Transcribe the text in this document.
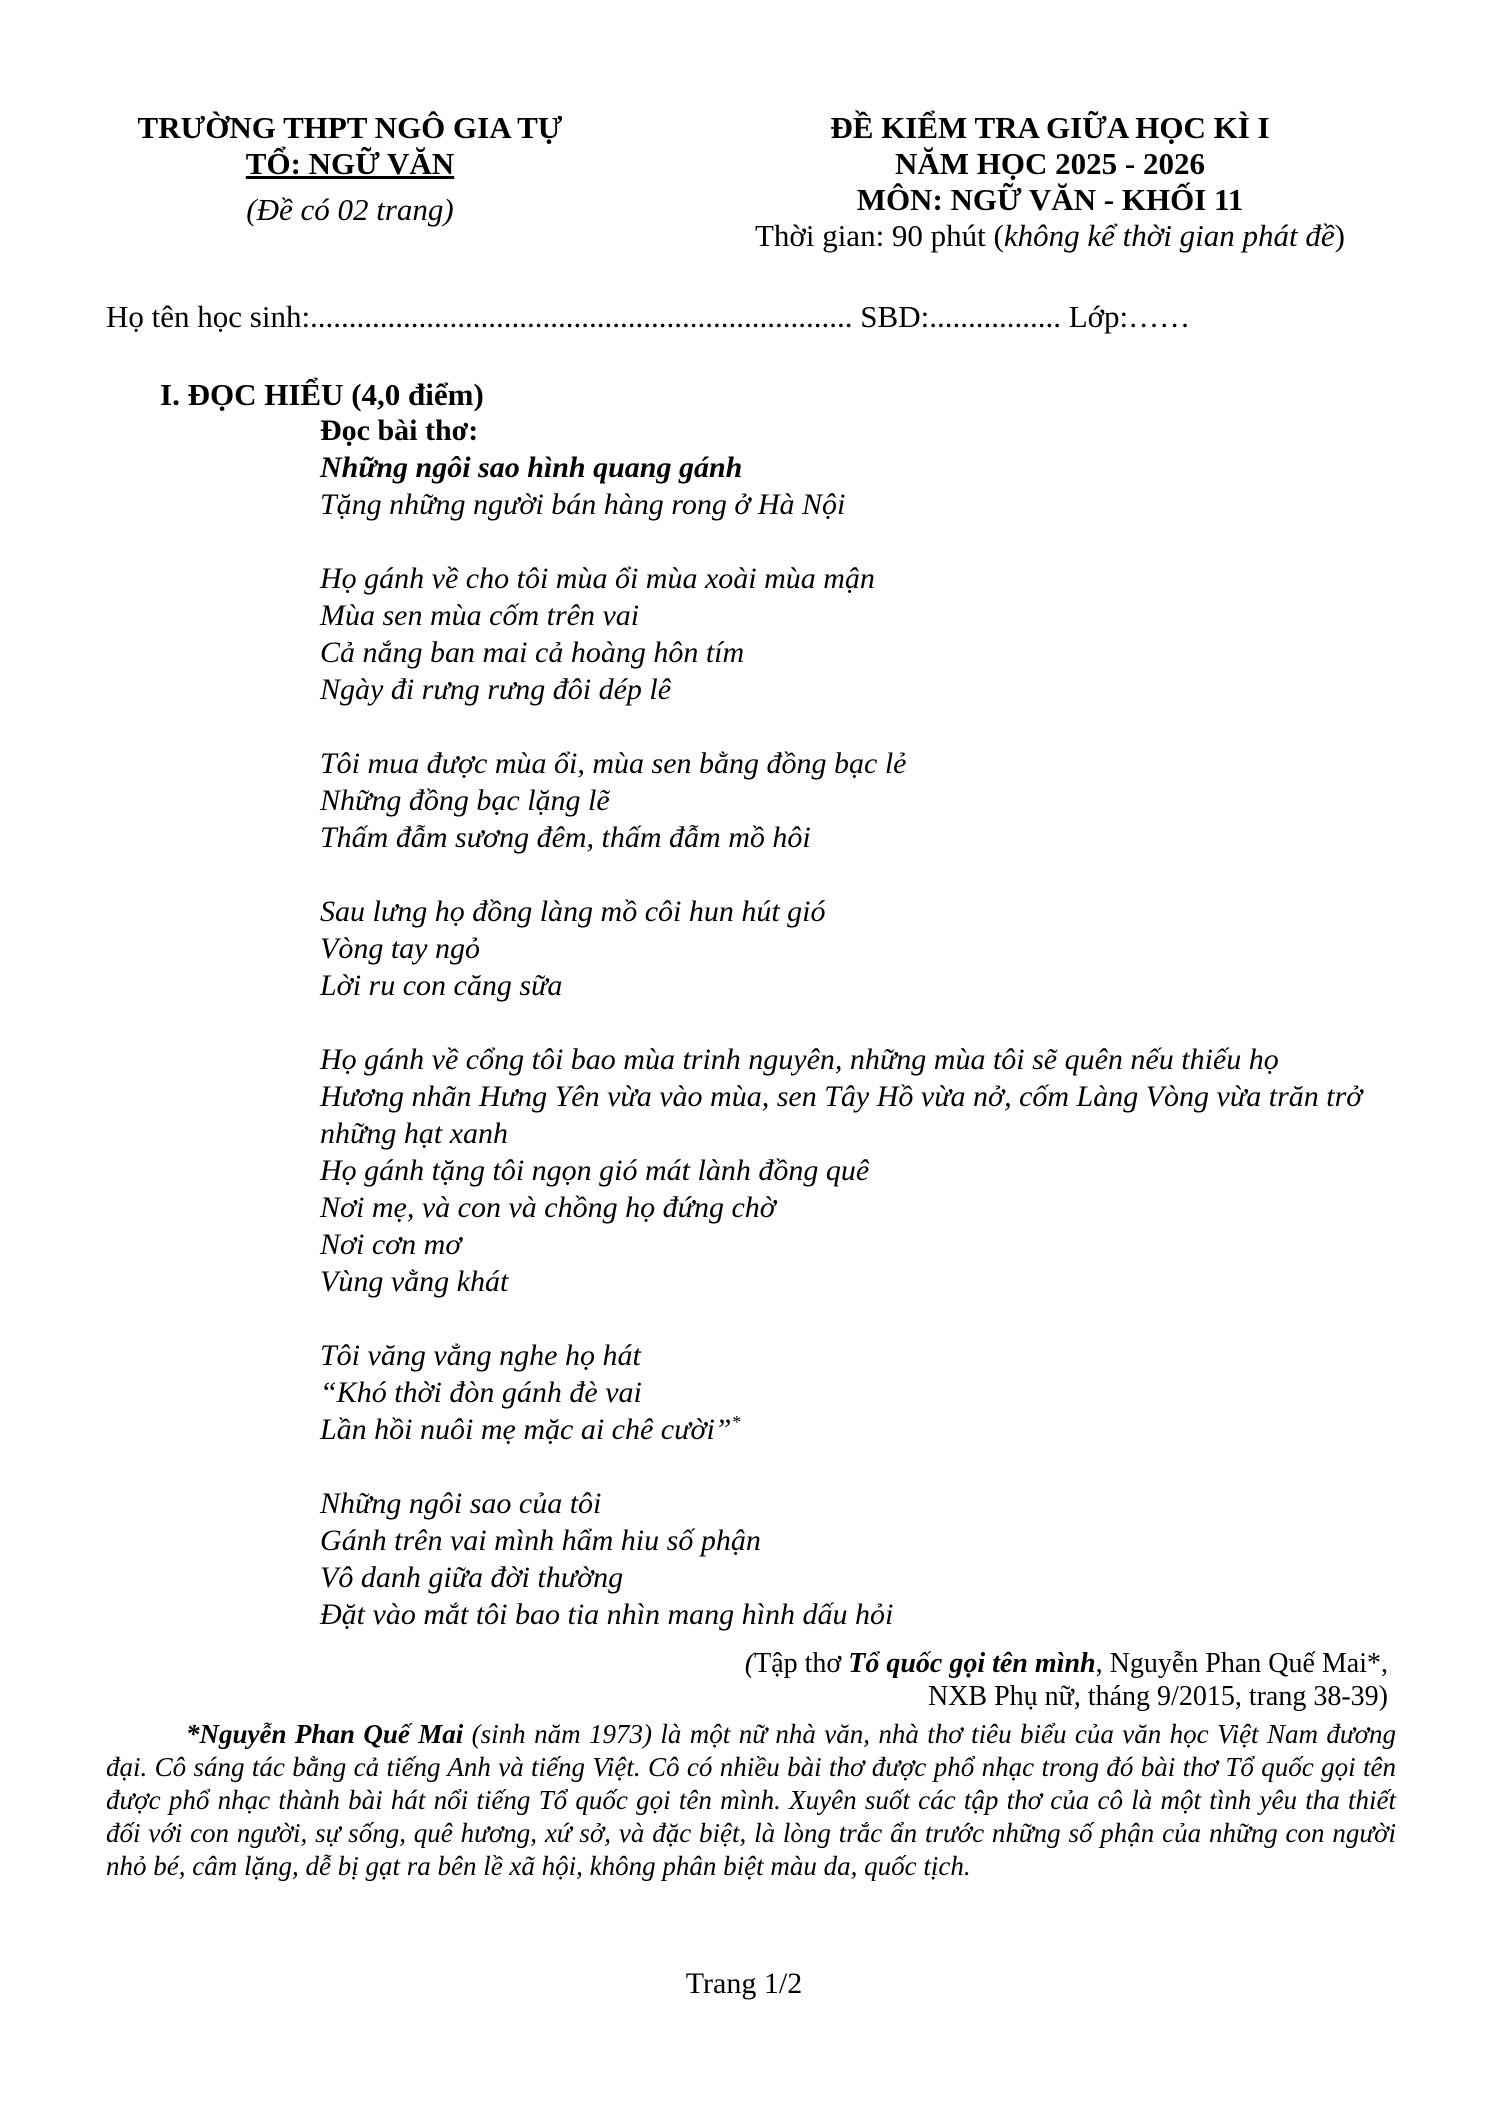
TRƯỜNG THPT NGÔ GIA TỰ
TỔ: NGỮ VĂN
(Đề có 02 trang)
ĐỀ KIỂM TRA GIỮA HỌC KÌ I
NĂM HỌC 2025 - 2026
MÔN: NGỮ VĂN - KHỐI 11
Thời gian: 90 phút (không kể thời gian phát đề)
Họ tên học sinh:...................................................................... SBD:................. Lớp:……
I. ĐỌC HIỂU (4,0 điểm)
Đọc bài thơ:
Những ngôi sao hình quang gánh
Tặng những người bán hàng rong ở Hà Nội
Họ gánh về cho tôi mùa ổi mùa xoài mùa mận
Mùa sen mùa cốm trên vai
Cả nắng ban mai cả hoàng hôn tím
Ngày đi rưng rưng đôi dép lê
Tôi mua được mùa ổi, mùa sen bằng đồng bạc lẻ
Những đồng bạc lặng lẽ
Thấm đẫm sương đêm, thấm đẫm mồ hôi
Sau lưng họ đồng làng mồ côi hun hút gió
Vòng tay ngỏ
Lời ru con căng sữa
Họ gánh về cổng tôi bao mùa trinh nguyên, những mùa tôi sẽ quên nếu thiếu họ
Hương nhãn Hưng Yên vừa vào mùa, sen Tây Hồ vừa nở, cốm Làng Vòng vừa trăn trở những hạt xanh
Họ gánh tặng tôi ngọn gió mát lành đồng quê
Nơi mẹ, và con và chồng họ đứng chờ
Nơi cơn mơ
Vùng vằng khát
Tôi văng vẳng nghe họ hát
“Khó thời đòn gánh đè vai
Lần hồi nuôi mẹ mặc ai chê cười”*
Những ngôi sao của tôi
Gánh trên vai mình hẩm hiu số phận
Vô danh giữa đời thường
Đặt vào mắt tôi bao tia nhìn mang hình dấu hỏi
(Tập thơ Tổ quốc gọi tên mình, Nguyễn Phan Quế Mai*,
NXB Phụ nữ, tháng 9/2015, trang 38-39)
*Nguyễn Phan Quế Mai (sinh năm 1973) là một nữ nhà văn, nhà thơ tiêu biểu của văn học Việt Nam đương đại. Cô sáng tác bằng cả tiếng Anh và tiếng Việt. Cô có nhiều bài thơ được phổ nhạc trong đó bài thơ Tổ quốc gọi tên được phổ nhạc thành bài hát nổi tiếng Tổ quốc gọi tên mình. Xuyên suốt các tập thơ của cô là một tình yêu tha thiết đối với con người, sự sống, quê hương, xứ sở, và đặc biệt, là lòng trắc ẩn trước những số phận của những con người nhỏ bé, câm lặng, dễ bị gạt ra bên lề xã hội, không phân biệt màu da, quốc tịch.
Trang 1/2
